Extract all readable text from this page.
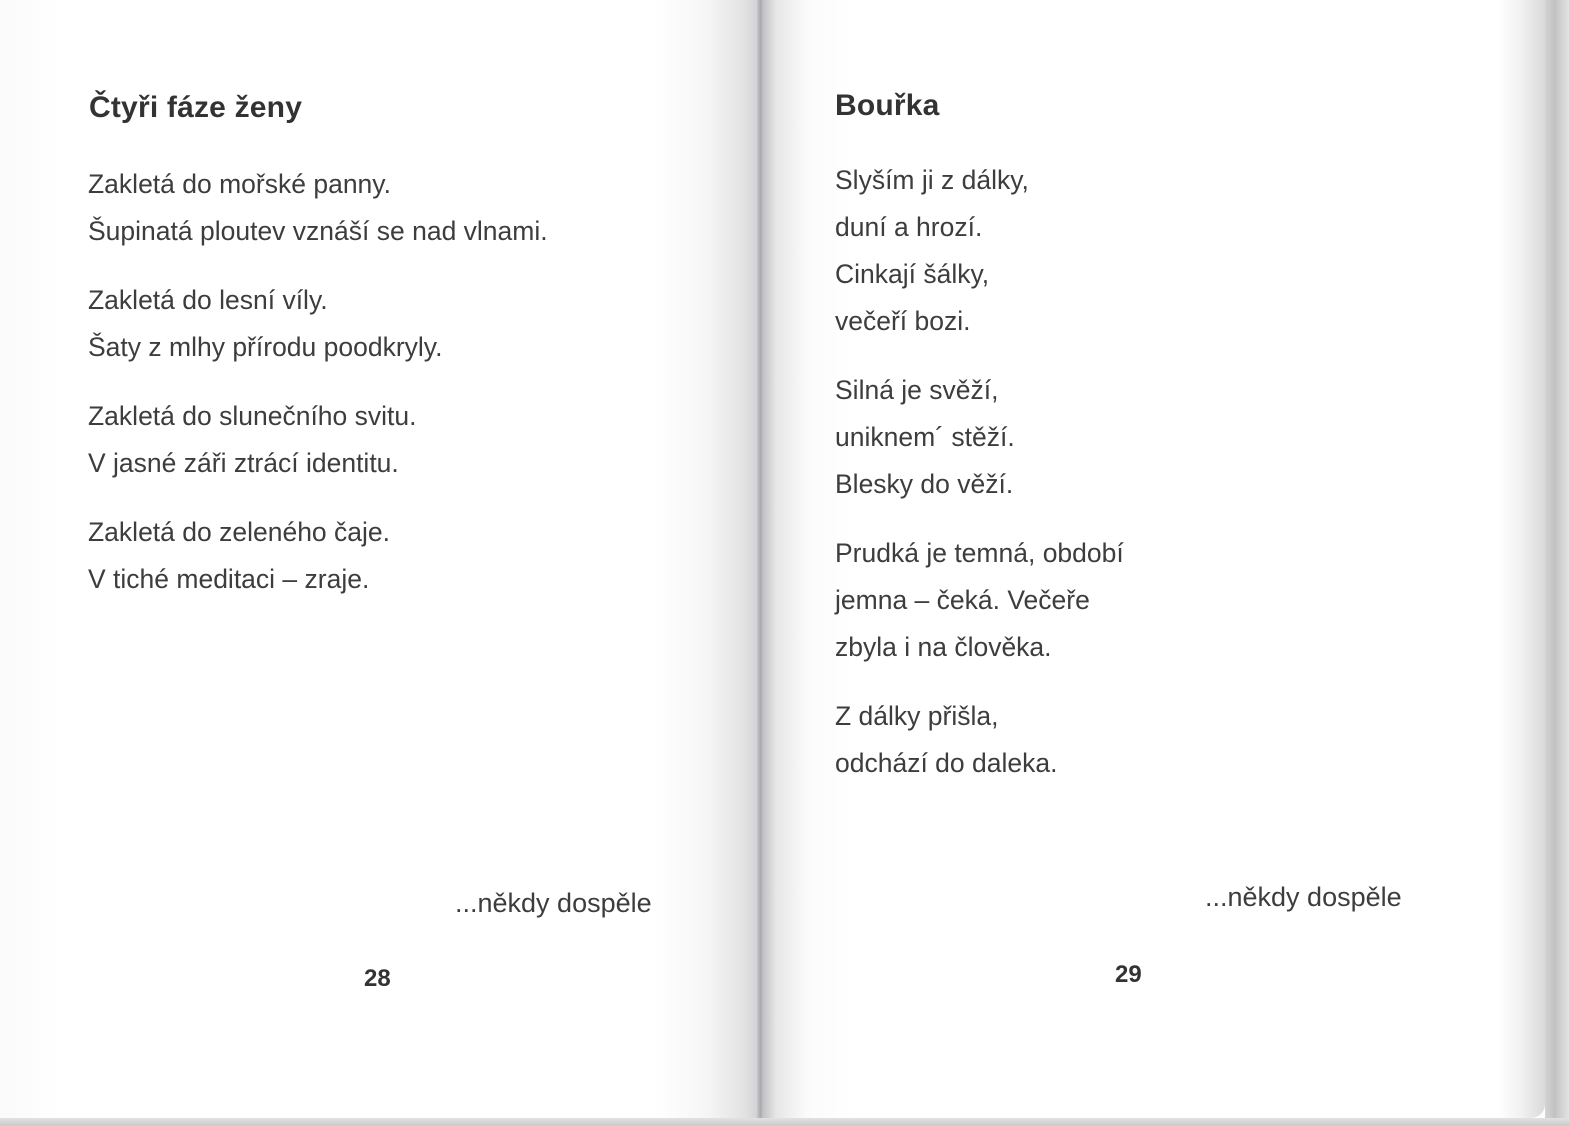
Čtyři fáze ženy
Zakletá do mořské panny.
Šupinatá ploutev vznáší se nad vlnami.
Zakletá do lesní víly.
Šaty z mlhy přírodu poodkryly.
Zakletá do slunečního svitu.
V jasné záři ztrácí identitu.
Zakletá do zeleného čaje.
V tiché meditaci – zraje.
...někdy dospěle
28
Bouřka
Slyším ji z dálky,
duní a hrozí.
Cinkají šálky,
večeří bozi.
Silná je svěží,
uniknem´ stěží.
Blesky do věží.
Prudká je temná, období
jemna – čeká. Večeře
zbyla i na člověka.
Z dálky přišla,
odchází do daleka.
...někdy dospěle
29
